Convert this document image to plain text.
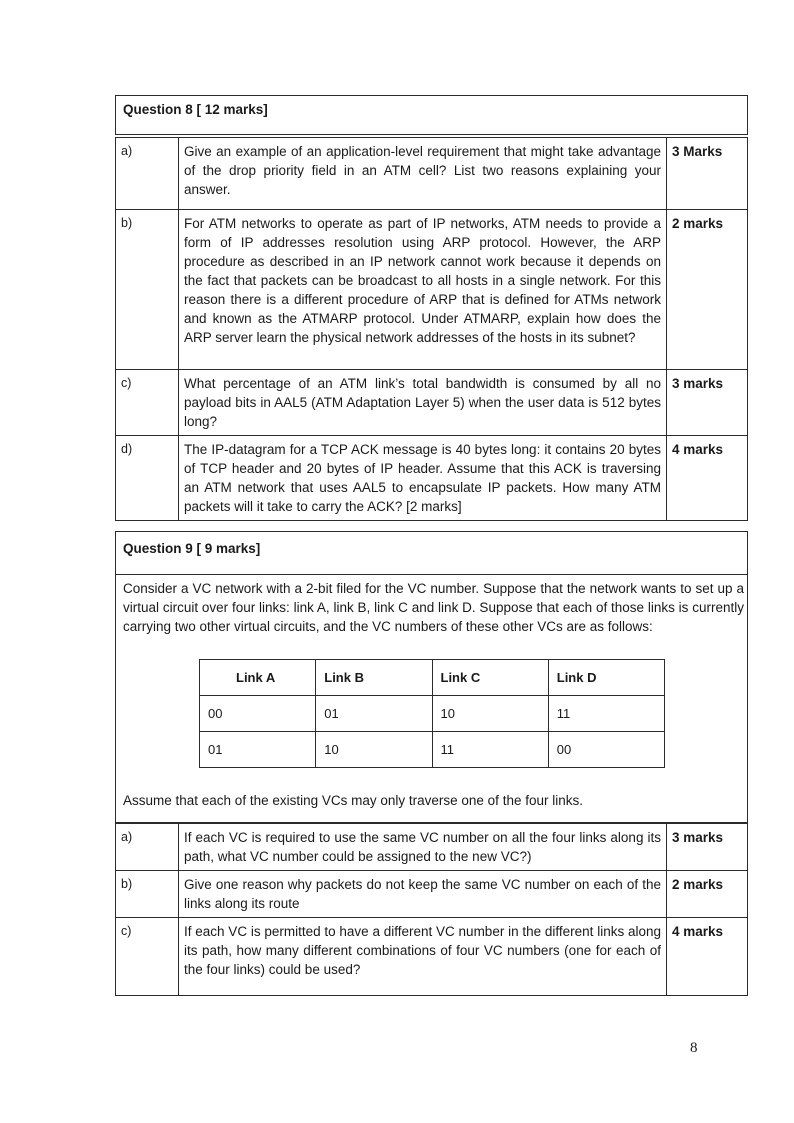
Question 8 [ 12 marks]
a)	Give an example of an application-level requirement that might take advantage of the drop priority field in an ATM cell? List two reasons explaining your answer.	3 Marks
b)	For ATM networks to operate as part of IP networks, ATM needs to provide a form of IP addresses resolution using ARP protocol. However, the ARP procedure as described in an IP network cannot work because it depends on the fact that packets can be broadcast to all hosts in a single network. For this reason there is a different procedure of ARP that is defined for ATMs network and known as the ATMARP protocol. Under ATMARP, explain how does the ARP server learn the physical network addresses of the hosts in its subnet?	2 marks
c)	What percentage of an ATM link’s total bandwidth is consumed by all no payload bits in AAL5 (ATM Adaptation Layer 5) when the user data is 512 bytes long?	3 marks
d)	The IP-datagram for a TCP ACK message is 40 bytes long: it contains 20 bytes of TCP header and 20 bytes of IP header. Assume that this ACK is traversing an ATM network that uses AAL5 to encapsulate IP packets. How many ATM packets will it take to carry the ACK? [2 marks]	4 marks
Question 9 [ 9 marks]
Consider a VC network with a 2-bit filed for the VC number. Suppose that the network wants to set up a virtual circuit over four links: link A, link B, link C and link D. Suppose that each of those links is currently carrying two other virtual circuits, and the VC numbers of these other VCs are as follows:
Link A	Link B	Link C	Link D
00	01	10	11
01	10	11	00
Assume that each of the existing VCs may only traverse one of the four links.
a)	If each VC is required to use the same VC number on all the four links along its path, what VC number could be assigned to the new VC?)	3 marks
b)	Give one reason why packets do not keep the same VC number on each of the links along its route	2 marks
c)	If each VC is permitted to have a different VC number in the different links along its path, how many different combinations of four VC numbers (one for each of the four links) could be used?	4 marks
8
